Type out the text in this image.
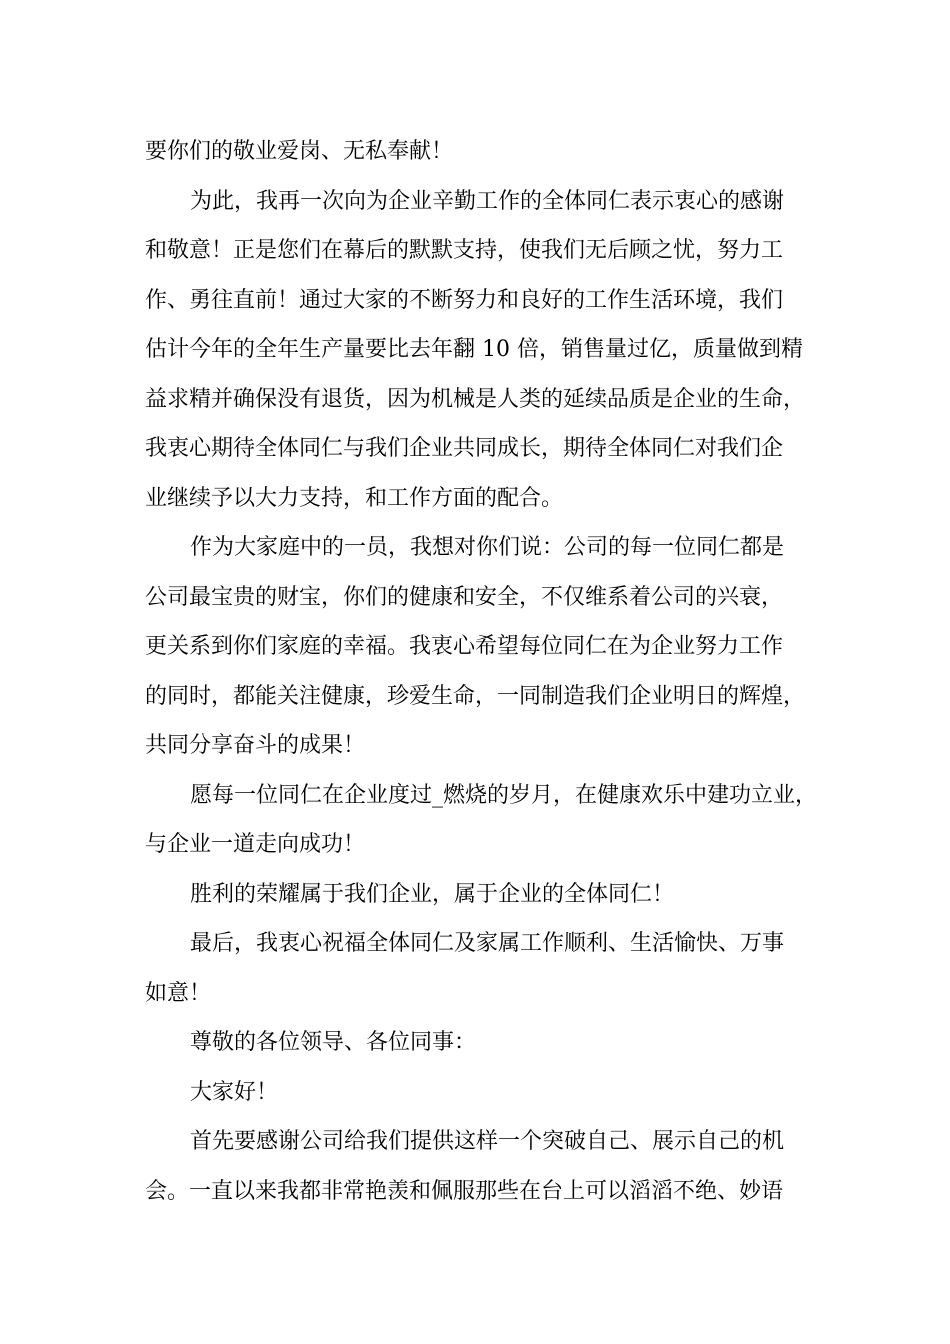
要你们的敬业爱岗、无私奉献！
为此，我再一次向为企业辛勤工作的全体同仁表示衷心的感谢
和敬意！正是您们在幕后的默默支持，使我们无后顾之忧，努力工
作、勇往直前！通过大家的不断努力和良好的工作生活环境，我们
估计今年的全年生产量要比去年翻 10 倍，销售量过亿，质量做到精
益求精并确保没有退货，因为机械是人类的延续品质是企业的生命，
我衷心期待全体同仁与我们企业共同成长，期待全体同仁对我们企
业继续予以大力支持，和工作方面的配合。
作为大家庭中的一员，我想对你们说：公司的每一位同仁都是
公司最宝贵的财宝，你们的健康和安全，不仅维系着公司的兴衰，
更关系到你们家庭的幸福。我衷心希望每位同仁在为企业努力工作
的同时，都能关注健康，珍爱生命，一同制造我们企业明日的辉煌，
共同分享奋斗的成果！
愿每一位同仁在企业度过_燃烧的岁月，在健康欢乐中建功立业，
与企业一道走向成功！
胜利的荣耀属于我们企业，属于企业的全体同仁！
最后，我衷心祝福全体同仁及家属工作顺利、生活愉快、万事
如意！
尊敬的各位领导、各位同事：
大家好！
首先要感谢公司给我们提供这样一个突破自己、展示自己的机
会。一直以来我都非常艳羡和佩服那些在台上可以滔滔不绝、妙语
